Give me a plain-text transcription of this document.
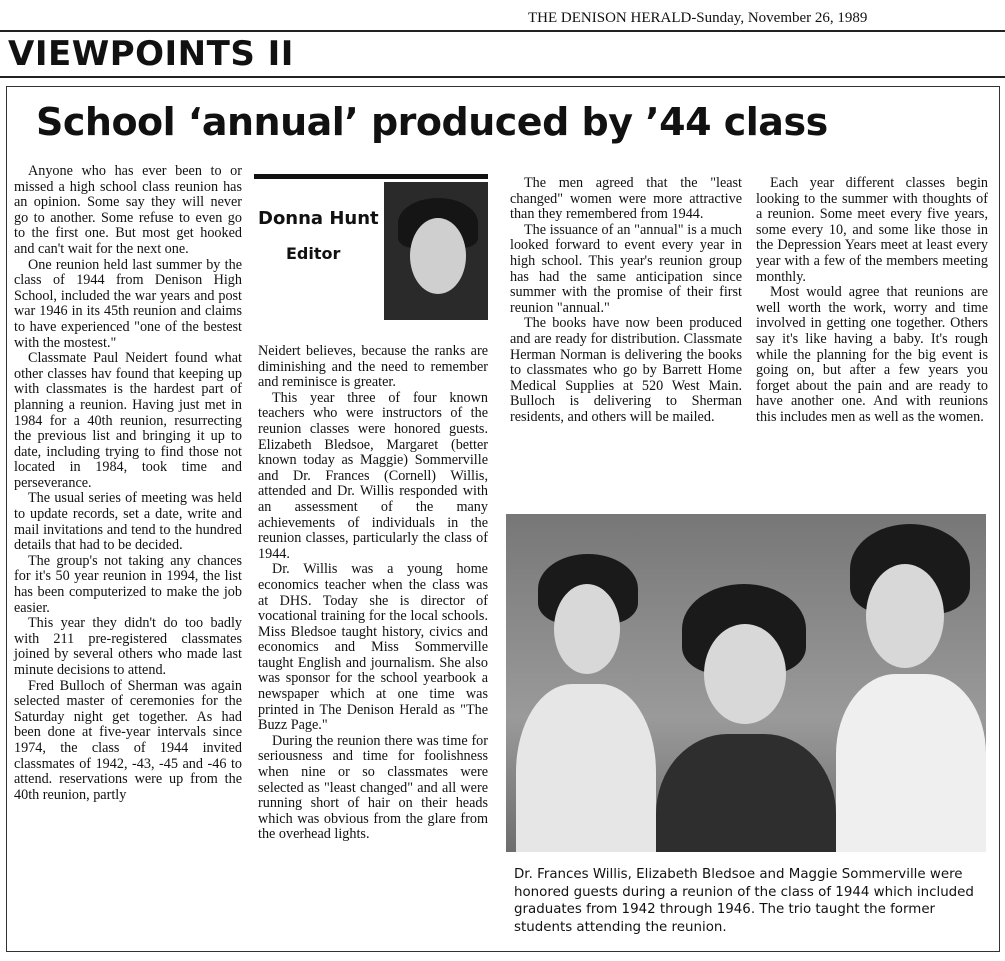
THE DENISON HERALD-Sunday, November 26, 1989
VIEWPOINTS II
School ‘annual’ produced by ’44 class

Anyone who has ever been to or missed a high school class reunion has an opinion. Some say they will never go to another. Some refuse to even go to the first one. But most get hooked and can't wait for the next one.

One reunion held last summer by the class of 1944 from Denison High School, included the war years and post war 1946 in its 45th reunion and claims to have experienced "one of the bestest with the mostest."

Classmate Paul Neidert found what other classes hav found that keeping up with classmates is the hardest part of planning a reunion. Having just met in 1984 for a 40th reunion, resurrecting the previous list and bringing it up to date, including trying to find those not located in 1984, took time and perseverance.

The usual series of meeting was held to update records, set a date, write and mail invitations and tend to the hundred details that had to be decided.

The group's not taking any chances for it's 50 year reunion in 1994, the list has been computerized to make the job easier.

This year they didn't do too badly with 211 pre-registered classmates joined by several others who made last minute decisions to attend.

Fred Bulloch of Sherman was again selected master of ceremonies for the Saturday night get together. As had been done at five-year intervals since 1974, the class of 1944 invited classmates of 1942, -43, -45 and -46 to attend. reservations were up from the 40th reunion, partly

Donna Hunt
Editor

Neidert believes, because the ranks are diminishing and the need to remember and reminisce is greater.

This year three of four known teachers who were instructors of the reunion classes were honored guests. Elizabeth Bledsoe, Margaret (better known today as Maggie) Sommerville and Dr. Frances (Cornell) Willis, attended and Dr. Willis responded with an assessment of the many achievements of individuals in the reunion classes, particularly the class of 1944.

Dr. Willis was a young home economics teacher when the class was at DHS. Today she is director of vocational training for the local schools. Miss Bledsoe taught history, civics and economics and Miss Sommerville taught English and journalism. She also was sponsor for the school yearbook a newspaper which at one time was printed in The Denison Herald as "The Buzz Page."

During the reunion there was time for seriousness and time for foolishness when nine or so classmates were selected as "least changed" and all were running short of hair on their heads which was obvious from the glare from the overhead lights.

The men agreed that the "least changed" women were more attractive than they remembered from 1944.

The issuance of an "annual" is a much looked forward to event every year in high school. This year's reunion group has had the same anticipation since summer with the promise of their first reunion "annual."

The books have now been produced and are ready for distribution. Classmate Herman Norman is delivering the books to classmates who go by Barrett Home Medical Supplies at 520 West Main. Bulloch is delivering to Sherman residents, and others will be mailed.

Each year different classes begin looking to the summer with thoughts of a reunion. Some meet every five years, some every 10, and some like those in the Depression Years meet at least every year with a few of the members meeting monthly.

Most would agree that reunions are well worth the work, worry and time involved in getting one together. Others say it's like having a baby. It's rough while the planning for the big event is going on, but after a few years you forget about the pain and are ready to have another one. And with reunions this includes men as well as the women.

Dr. Frances Willis, Elizabeth Bledsoe and Maggie Sommerville were honored guests during a reunion of the class of 1944 which included graduates from 1942 through 1946. The trio taught the former students attending the reunion.
